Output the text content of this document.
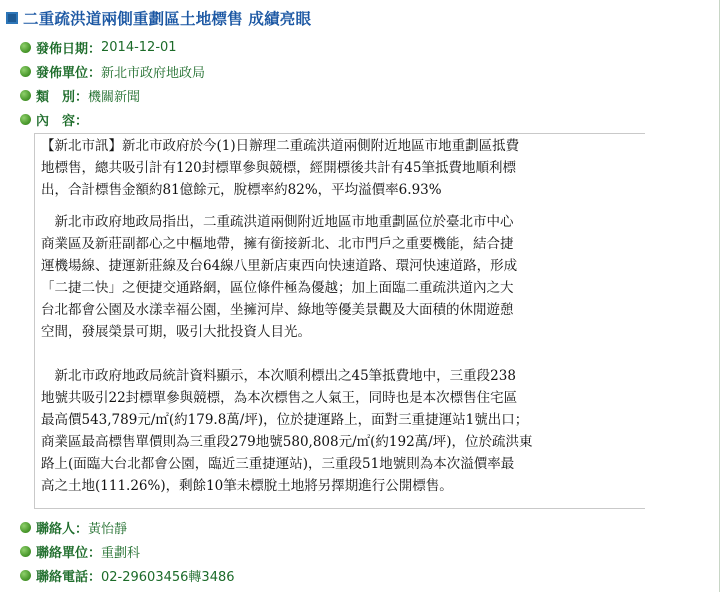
二重疏洪道兩側重劃區土地標售 成績亮眼
發佈日期： 2014-12-01
發佈單位： 新北市政府地政局
類　別： 機關新聞
內　容：
【新北市訊】新北市政府於今(1)日辦理二重疏洪道兩側附近地區市地重劃區抵費
地標售，總共吸引計有120封標單參與競標，經開標後共計有45筆抵費地順利標
出，合計標售金額約81億餘元，脫標率約82%，平均溢價率6.93%
　新北市政府地政局指出，二重疏洪道兩側附近地區市地重劃區位於臺北市中心
商業區及新莊副都心之中樞地帶，擁有銜接新北、北市門戶之重要機能，結合捷
運機場線、捷運新莊線及台64線八里新店東西向快速道路、環河快速道路，形成
「二捷二快」之便捷交通路網，區位條件極為優越；加上面臨二重疏洪道內之大
台北都會公園及水漾幸福公園，坐擁河岸、綠地等優美景觀及大面積的休閒遊憩
空間，發展榮景可期，吸引大批投資人目光。
　新北市政府地政局統計資料顯示，本次順利標出之45筆抵費地中，三重段238
地號共吸引22封標單參與競標，為本次標售之人氣王，同時也是本次標售住宅區
最高價543,789元/㎡(約179.8萬/坪)，位於捷運路上，面對三重捷運站1號出口；
商業區最高標售單價則為三重段279地號580,808元/㎡(約192萬/坪)，位於疏洪東
路上(面臨大台北都會公園，臨近三重捷運站)，三重段51地號則為本次溢價率最
高之土地(111.26%)，剩餘10筆未標脫土地將另擇期進行公開標售。
聯絡人： 黃怡靜
聯絡單位： 重劃科
聯絡電話： 02-29603456轉3486
